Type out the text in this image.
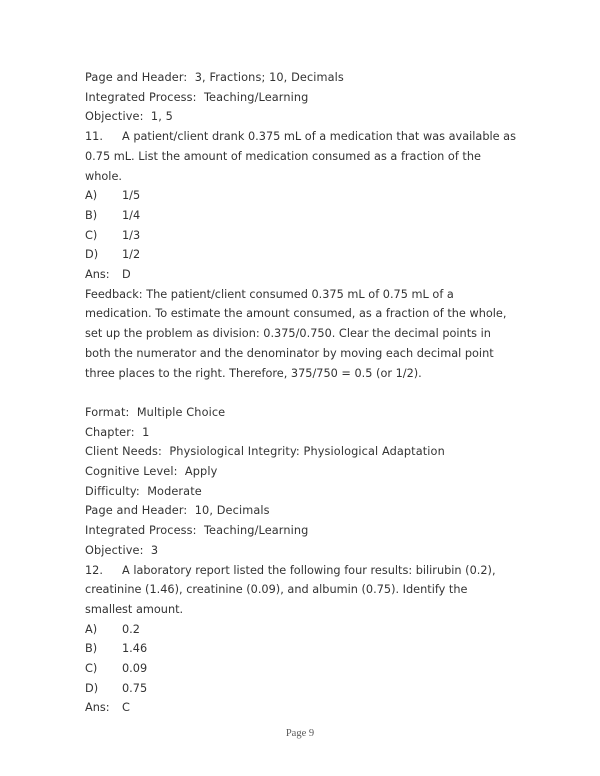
Page and Header:  3, Fractions; 10, Decimals
Integrated Process:  Teaching/Learning
Objective:  1, 5
11. A patient/client drank 0.375 mL of a medication that was available as 0.75 mL. List the amount of medication consumed as a fraction of the whole.
A)	1/5
B)	1/4
C)	1/3
D)	1/2
Ans:	D
Feedback: The patient/client consumed 0.375 mL of 0.75 mL of a medication. To estimate the amount consumed, as a fraction of the whole, set up the problem as division: 0.375/0.750. Clear the decimal points in both the numerator and the denominator by moving each decimal point three places to the right. Therefore, 375/750 = 0.5 (or 1/2).
Format:  Multiple Choice
Chapter:  1
Client Needs:  Physiological Integrity: Physiological Adaptation
Cognitive Level:  Apply
Difficulty:  Moderate
Page and Header:  10, Decimals
Integrated Process:  Teaching/Learning
Objective:  3
12. A laboratory report listed the following four results: bilirubin (0.2), creatinine (1.46), creatinine (0.09), and albumin (0.75). Identify the smallest amount.
A)	0.2
B)	1.46
C)	0.09
D)	0.75
Ans:	C
Page 9
